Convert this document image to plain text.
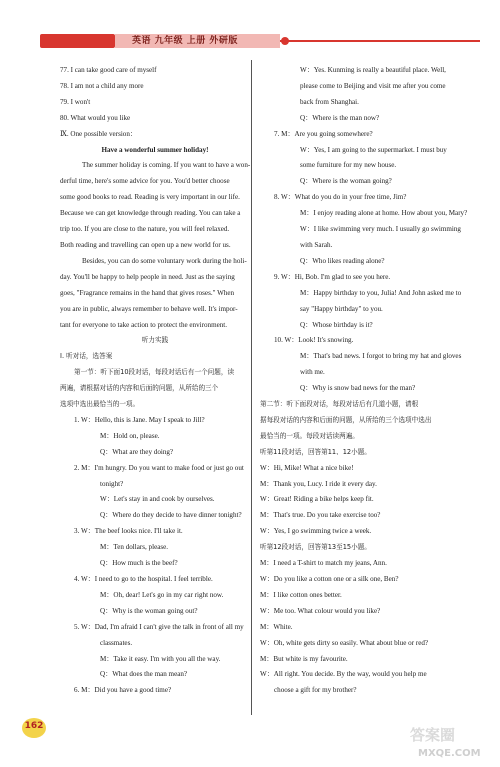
英语 九年级 上册 外研版
77. I can take good care of myself
78. I am not a child any more
79. I won't
80. What would you like
Ⅸ. One possible version：
Have a wonderful summer holiday!
The summer holiday is coming. If you want to have a won-
derful time, here's some advice for you. You'd better choose
some good books to read. Reading is very important in our life.
Because we can get knowledge through reading. You can take a
trip too. If you are close to the nature, you will feel relaxed.
Both reading and travelling can open up a new world for us.
Besides, you can do some voluntary work during the holi-
day. You'll be happy to help people in need. Just as the saying
goes, "Fragrance remains in the hand that gives roses." When
you are in public, always remember to behave well. It's impor-
tant for everyone to take action to protect the environment.
听力实践
Ⅰ. 听对话，选答案
第一节：听下面10段对话，每段对话后有一个问题，读
两遍，请根据对话的内容和后面的问题，从所给的三个
选项中选出最恰当的一项。
1. W：Hello, this is Jane. May I speak to Jill?
M：Hold on, please.
Q：What are they doing?
2. M：I'm hungry. Do you want to make food or just go out
tonight?
W：Let's stay in and cook by ourselves.
Q：Where do they decide to have dinner tonight?
3. W：The beef looks nice. I'll take it.
M：Ten dollars, please.
Q：How much is the beef?
4. W：I need to go to the hospital. I feel terrible.
M：Oh, dear! Let's go in my car right now.
Q：Why is the woman going out?
5. W：Dad, I'm afraid I can't give the talk in front of all my
classmates.
M：Take it easy. I'm with you all the way.
Q：What does the man mean?
6. M：Did you have a good time?
W：Yes. Kunming is really a beautiful place. Well,
please come to Beijing and visit me after you come
back from Shanghai.
Q：Where is the man now?
7. M：Are you going somewhere?
W：Yes, I am going to the supermarket. I must buy
some furniture for my new house.
Q：Where is the woman going?
8. W：What do you do in your free time, Jim?
M：I enjoy reading alone at home. How about you, Mary?
W：I like swimming very much. I usually go swimming
with Sarah.
Q：Who likes reading alone?
9. W：Hi, Bob. I'm glad to see you here.
M：Happy birthday to you, Julia! And John asked me to
say "Happy birthday" to you.
Q：Whose birthday is it?
10. W：Look! It's snowing.
M：That's bad news. I forgot to bring my hat and gloves
with me.
Q：Why is snow bad news for the man?
第二节：听下面段对话，每段对话后有几道小题，请根
据每段对话的内容和后面的问题，从所给的三个选项中选出
最恰当的一项。每段对话读两遍。
听第11段对话，回答第11、12小题。
W：Hi, Mike! What a nice bike!
M：Thank you, Lucy. I ride it every day.
W：Great! Riding a bike helps keep fit.
M：That's true. Do you take exercise too?
W：Yes, I go swimming twice a week.
听第12段对话，回答第13至15小题。
M：I need a T-shirt to match my jeans, Ann.
W：Do you like a cotton one or a silk one, Ben?
M：I like cotton ones better.
W：Me too. What colour would you like?
M：White.
W：Oh, white gets dirty so easily. What about blue or red?
M：But white is my favourite.
W：All right. You decide. By the way, would you help me
choose a gift for my brother?
162	答案圈
MXQE.COM
